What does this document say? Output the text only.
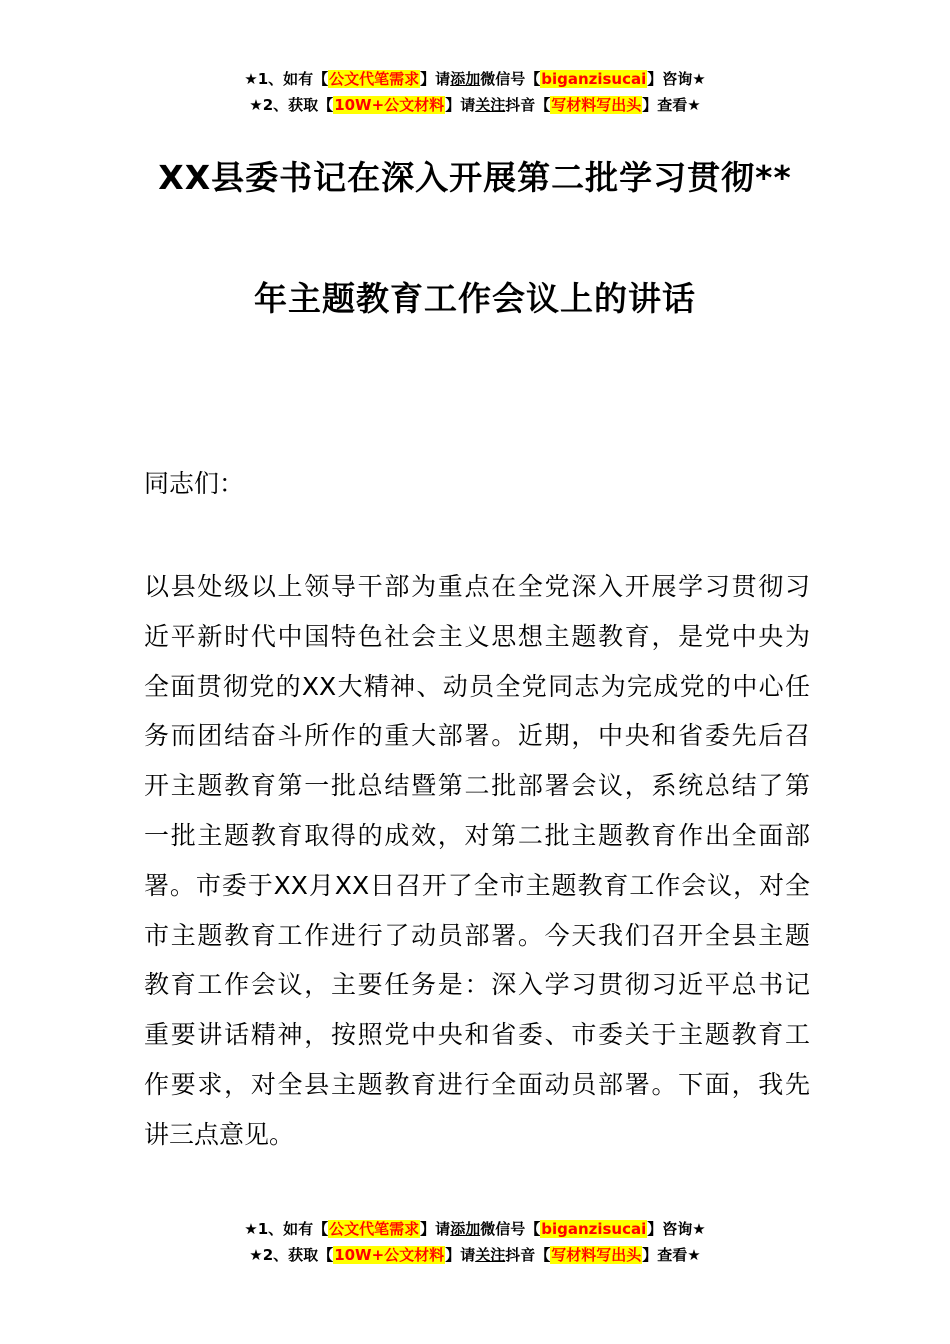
★1、如有【公文代笔需求】请添加微信号【biganzisucai】咨询★
★2、获取【10W+公文材料】请关注抖音【写材料写出头】查看★
XX县委书记在深入开展第二批学习贯彻**
年主题教育工作会议上的讲话
同志们：
以县处级以上领导干部为重点在全党深入开展学习贯彻习
近平新时代中国特色社会主义思想主题教育，是党中央为
全面贯彻党的XX大精神、动员全党同志为完成党的中心任
务而团结奋斗所作的重大部署。近期，中央和省委先后召
开主题教育第一批总结暨第二批部署会议，系统总结了第
一批主题教育取得的成效，对第二批主题教育作出全面部
署。市委于XX月XX日召开了全市主题教育工作会议，对全
市主题教育工作进行了动员部署。今天我们召开全县主题
教育工作会议，主要任务是：深入学习贯彻习近平总书记
重要讲话精神，按照党中央和省委、市委关于主题教育工
作要求，对全县主题教育进行全面动员部署。下面，我先
讲三点意见。
★1、如有【公文代笔需求】请添加微信号【biganzisucai】咨询★
★2、获取【10W+公文材料】请关注抖音【写材料写出头】查看★
